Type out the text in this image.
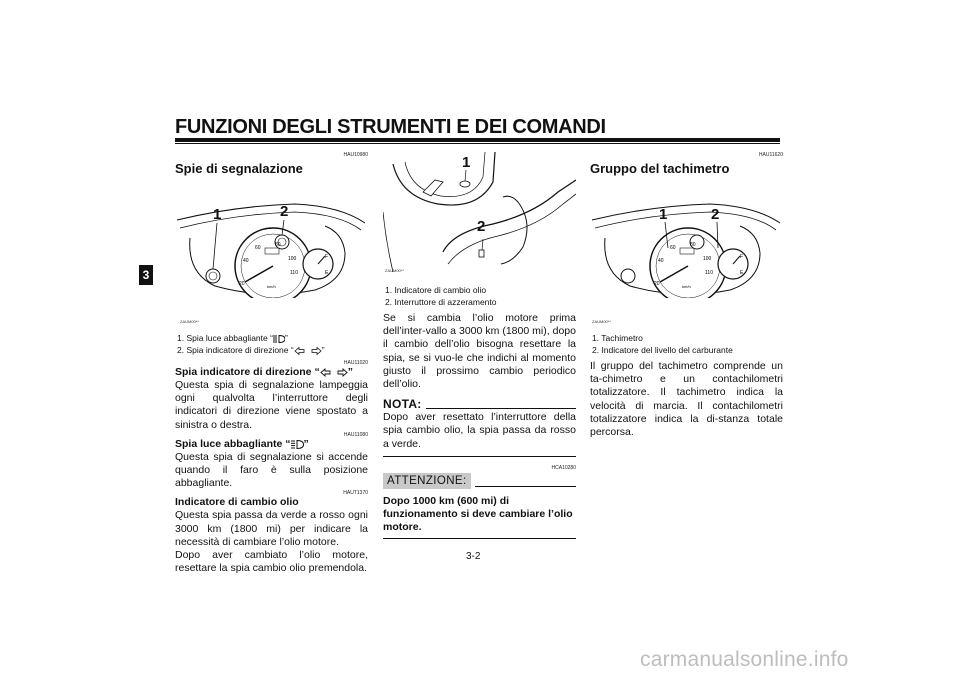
FUNZIONI DEGLI STRUMENTI E DEI COMANDI
3
HAU10980
Spie di segnalazione
20
40
60	80
100
110
km/h
F
E
1	2
ZAUM00**
1. Spia luce abbagliante “ ”
2. Spia indicatore di direzione “	”
HAU11020

Spia indicatore di direzione “	”

Questa spia di segnalazione lampeggia ogni qualvolta l’interruttore degli indicatori di direzione viene spostato a sinistra o destra.

HAU11080

Spia luce abbagliante “ ”

Questa spia di segnalazione si accende quando il faro è sulla posizione abbagliante.

HAUT1370

Indicatore di cambio olio

Questa spia passa da verde a rosso ogni 3000 km (1800 mi) per indicare la necessità di cambiare l’olio motore.

Dopo aver cambiato l’olio motore, resettare la spia cambio olio premendola.

1
2
ZAUM00**
1. Indicatore di cambio olio
2. Interruttore di azzeramento

Se si cambia l’olio motore prima dell’inter-vallo a 3000 km (1800 mi), dopo il cambio dell’olio bisogna resettare la spia, se si vuo-le che indichi al momento giusto il prossimo cambio periodico dell’olio.

NOTA:

Dopo aver resettato l’interruttore della spia cambio olio, la spia passa da rosso a verde.

HCA10280
ATTENZIONE:

Dopo 1000 km (600 mi) di funzionamento si deve cambiare l’olio motore.

HAU11620
Gruppo del tachimetro
20
40
60	80
100
110
km/h
F
E
1	2
ZAUM00**
1. Tachimetro
2. Indicatore del livello del carburante

Il gruppo del tachimetro comprende un ta-chimetro e un contachilometri totalizzatore. Il tachimetro indica la velocità di marcia. Il contachilometri totalizzatore indica la di-stanza totale percorsa.

3-2
carmanualsonline.info
